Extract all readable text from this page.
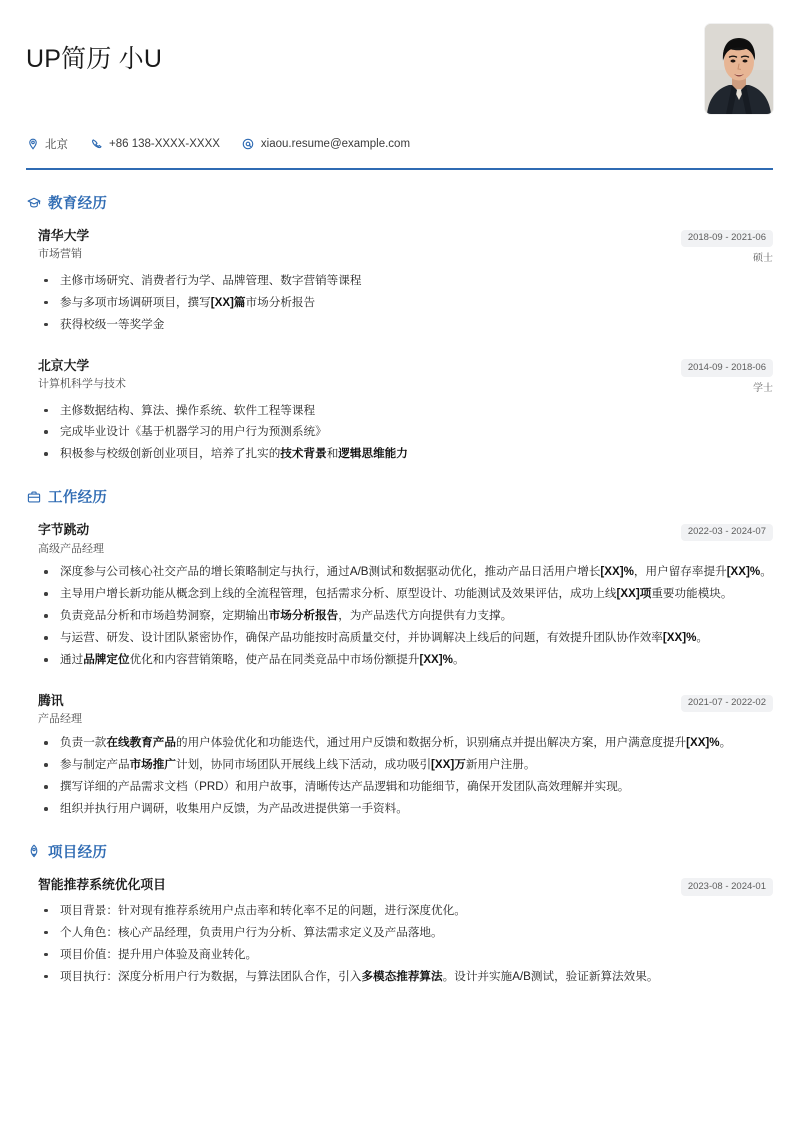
UP简历 小U
北京	+86 138-XXXX-XXXX	xiaou.resume@example.com
教育经历
清华大学
市场营销
2018-09 - 2021-06
硕士
主修市场研究、消费者行为学、品牌管理、数字营销等课程
参与多项市场调研项目，撰写[XX]篇市场分析报告
获得校级一等奖学金
北京大学
计算机科学与技术
2014-09 - 2018-06
学士
主修数据结构、算法、操作系统、软件工程等课程
完成毕业设计《基于机器学习的用户行为预测系统》
积极参与校级创新创业项目，培养了扎实的技术背景和逻辑思维能力
工作经历
字节跳动
高级产品经理
2022-03 - 2024-07
深度参与公司核心社交产品的增长策略制定与执行，通过A/B测试和数据驱动优化，推动产品日活用户增长[XX]%，用户留存率提升[XX]%。
主导用户增长新功能从概念到上线的全流程管理，包括需求分析、原型设计、功能测试及效果评估，成功上线[XX]项重要功能模块。
负责竞品分析和市场趋势洞察，定期输出市场分析报告，为产品迭代方向提供有力支撑。
与运营、研发、设计团队紧密协作，确保产品功能按时高质量交付，并协调解决上线后的问题，有效提升团队协作效率[XX]%。
通过品牌定位优化和内容营销策略，使产品在同类竞品中市场份额提升[XX]%。
腾讯
产品经理
2021-07 - 2022-02
负责一款在线教育产品的用户体验优化和功能迭代，通过用户反馈和数据分析，识别痛点并提出解决方案，用户满意度提升[XX]%。
参与制定产品市场推广计划，协同市场团队开展线上线下活动，成功吸引[XX]万新用户注册。
撰写详细的产品需求文档（PRD）和用户故事，清晰传达产品逻辑和功能细节，确保开发团队高效理解并实现。
组织并执行用户调研，收集用户反馈，为产品改进提供第一手资料。
项目经历
智能推荐系统优化项目	2023-08 - 2024-01
项目背景：针对现有推荐系统用户点击率和转化率不足的问题，进行深度优化。
个人角色：核心产品经理，负责用户行为分析、算法需求定义及产品落地。
项目价值：提升用户体验及商业转化。
项目执行：深度分析用户行为数据，与算法团队合作，引入多模态推荐算法。设计并实施A/B测试，验证新算法效果。
